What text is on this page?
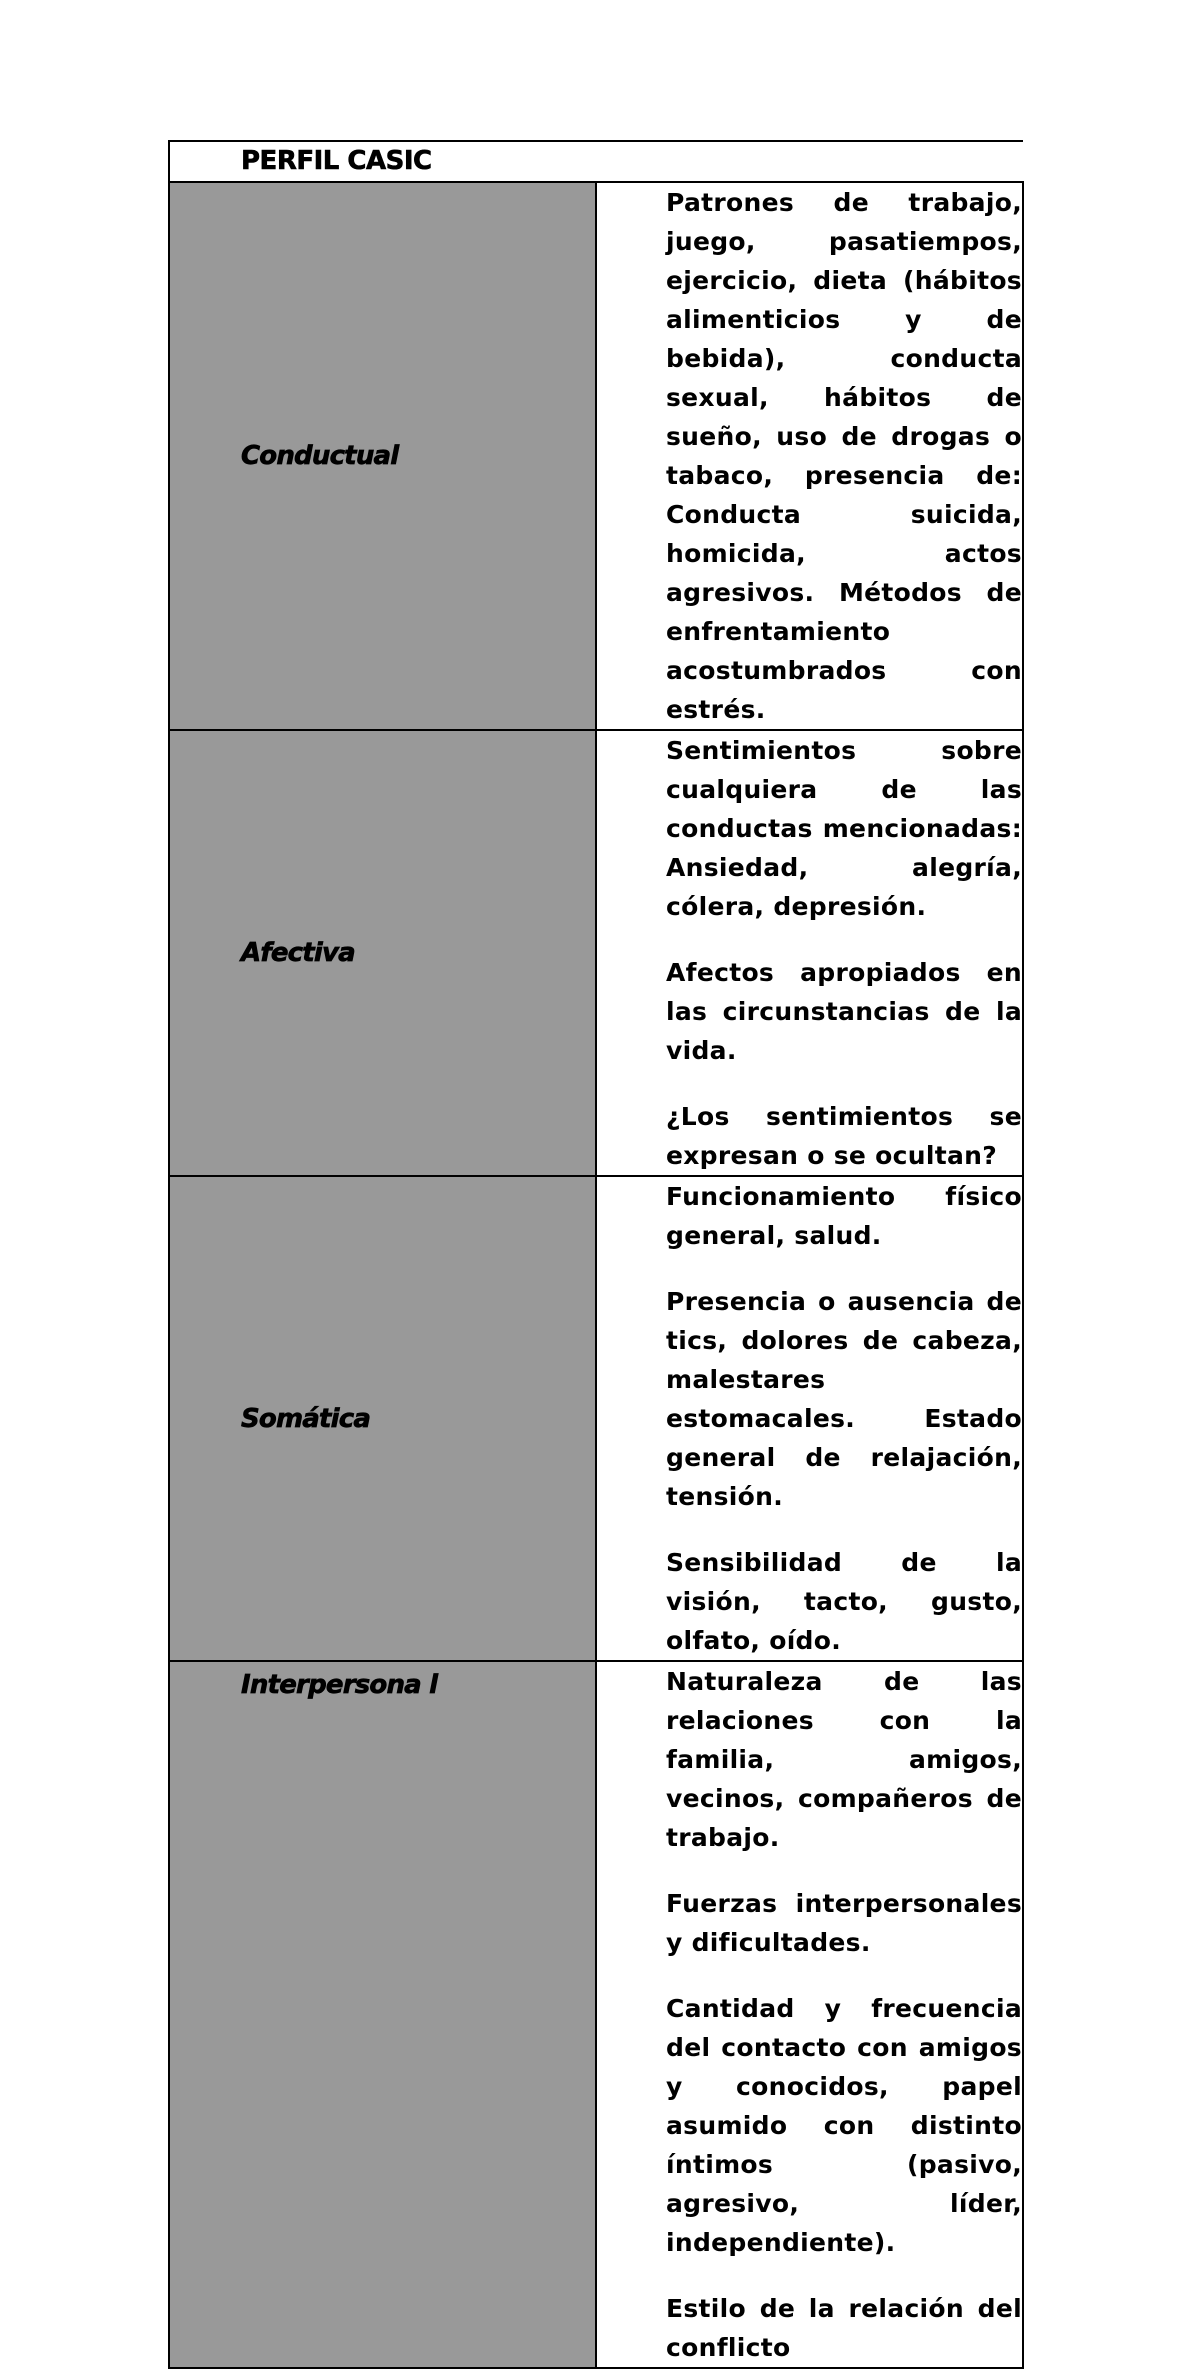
PERFIL CASIC	

Conductual	Patrones de trabajo, juego, pasatiempos, ejercicio, dieta (hábitos alimenticios y de bebida), conducta sexual, hábitos de sueño, uso de drogas o tabaco, presencia de: Conducta suicida, homicida, actos agresivos. Métodos de enfrentamiento acostumbrados con estrés.

Afectiva	Sentimientos sobre cualquiera de las conductas mencionadas: Ansiedad, alegría, cólera, depresión.

Afectos apropiados en las circunstancias de la vida.

¿Los sentimientos se expresan o se ocultan?

Somática	Funcionamiento físico general, salud.

Presencia o ausencia de tics, dolores de cabeza, malestares estomacales. Estado general de relajación, tensión.

Sensibilidad de la visión, tacto, gusto, olfato, oído.

Interpersona l	Naturaleza de las relaciones con la familia, amigos, vecinos, compañeros de trabajo.

Fuerzas interpersonales y dificultades.

Cantidad y frecuencia del contacto con amigos y conocidos, papel asumido con distinto íntimos (pasivo, agresivo, líder, independiente).

Estilo de la relación del conflicto
